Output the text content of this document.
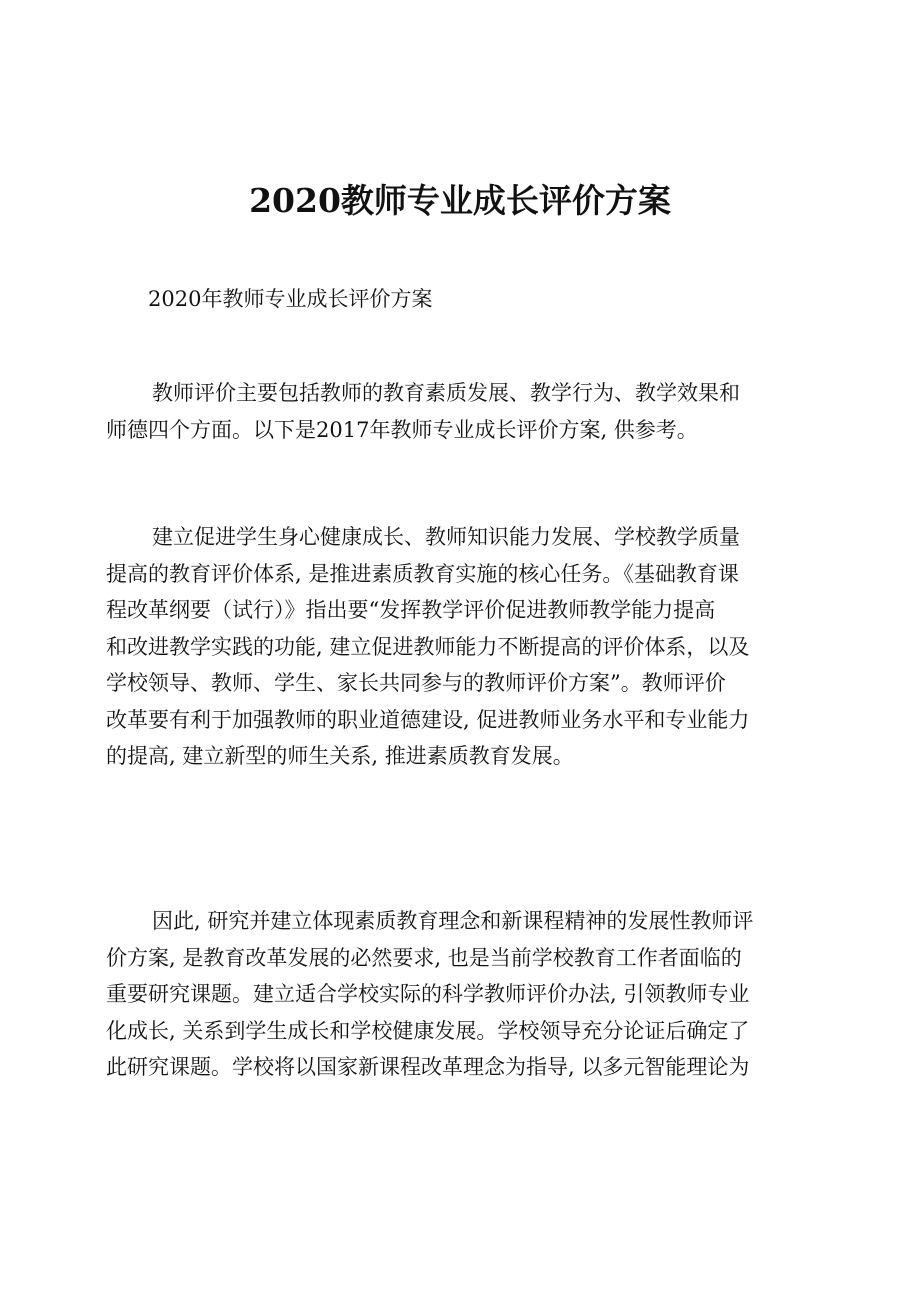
2020教师专业成长评价方案
2020年教师专业成长评价方案
教师评价主要包括教师的教育素质发展、教学行为、教学效果和
师德四个方面。以下是2017年教师专业成长评价方案, 供参考。
建立促进学生身心健康成长、教师知识能力发展、学校教学质量
提高的教育评价体系, 是推进素质教育实施的核心任务。《基础教育课
程改革纲要（试行）》指出要“发挥教学评价促进教师教学能力提高
和改进教学实践的功能, 建立促进教师能力不断提高的评价体系，以及
学校领导、教师、学生、家长共同参与的教师评价方案”。教师评价
改革要有利于加强教师的职业道德建设, 促进教师业务水平和专业能力
的提高, 建立新型的师生关系, 推进素质教育发展。
因此, 研究并建立体现素质教育理念和新课程精神的发展性教师评
价方案, 是教育改革发展的必然要求, 也是当前学校教育工作者面临的
重要研究课题。建立适合学校实际的科学教师评价办法, 引领教师专业
化成长, 关系到学生成长和学校健康发展。学校领导充分论证后确定了
此研究课题。学校将以国家新课程改革理念为指导, 以多元智能理论为
